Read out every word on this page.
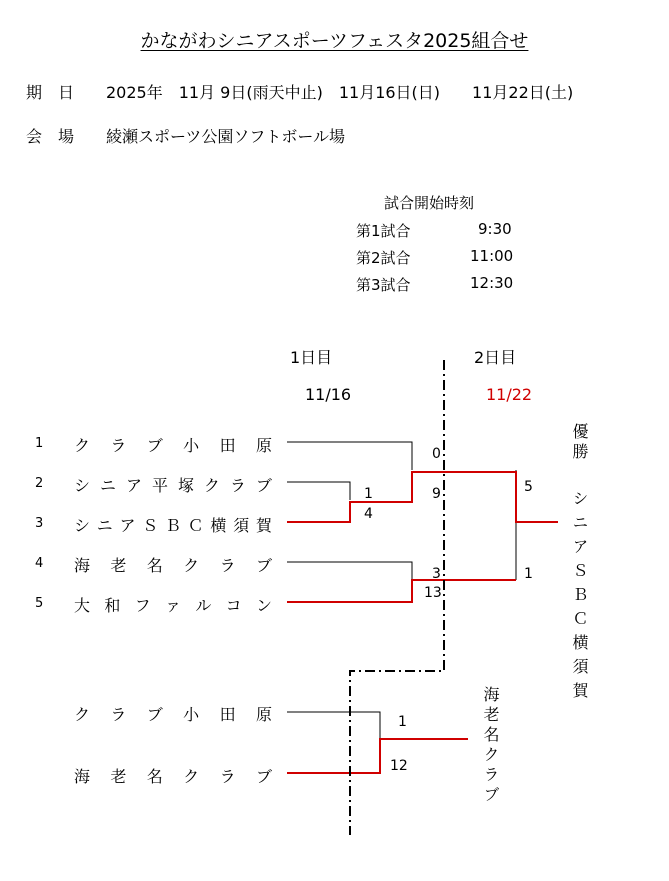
かながわシニアスポーツフェスタ2025組合せ
期　日 2025年　11月 9日(雨天中止)　11月16日(日)　　11月22日(土)
会　場 綾瀬スポーツ公園ソフトボール場
試合開始時刻
第1試合	9:30
第2試合	11:00
第3試合	12:30
1日目
11/16
2日目
11/22
1
2
3
4
5
ク ラ ブ 小 田 原
シ ニ ア 平 塚 ク ラ ブ
シ ニ ア Ｓ Ｂ Ｃ 横 須 賀
海 老 名 ク ラ ブ
大 和 フ ァ ル コ ン
ク ラ ブ 小 田 原
海 老 名 ク ラ ブ
1
4
0
9
3
13
5
1
1
12
優勝
シニアＳＢＣ横須賀
海老名クラブ
